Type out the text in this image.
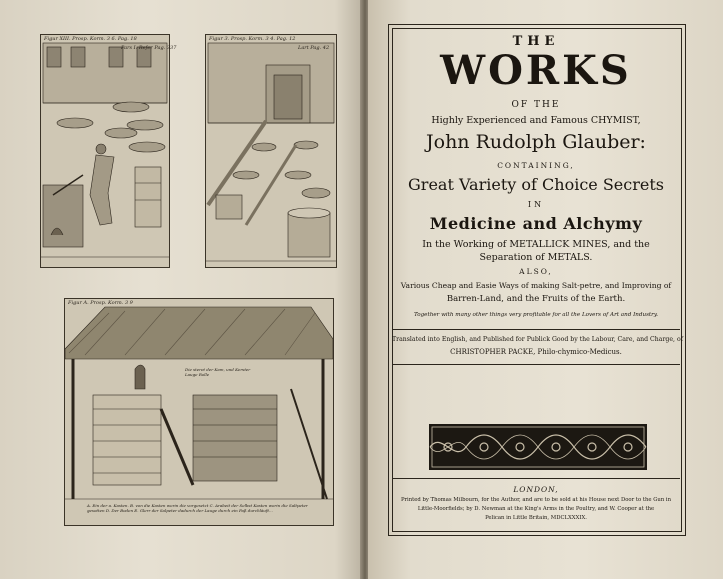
Figur XIII. Prosp. Korm. 3 6. Pag. 18
Pars I. Refer Pag. 337
Figur 3. Prosp. Korm. 3 4. Pag. 12
Lart Pag. 42
Figur A. Prosp. Korm. 3 9
Die steret der Kam, und Kerster Lauge Rolle
A. Ein der a. Kasten. B. von die Kasten worin die vorgesetzt C. Arabeit der Selbst Kasten worin die Saltpeter gesotten D. Der Boden E. Glerr der Salpeter dadurch der Lauge durch ein Faß durchläuft...
THE
WORKS
OF THE
Highly Experienced and Famous CHYMIST,
John Rudolph Glauber:
CONTAINING,
Great Variety of Choice Secrets
IN
Medicine and Alchymy
In the Working of METALLICK MINES, and the
Separation of METALS.
ALSO,
Various Cheap and Easie Ways of making Salt-petre, and Improving of
Barren-Land, and the Fruits of the Earth.
Together with many other things very profitable for all the Lovers of Art and Industry.
Translated into English, and Published for Publick Good by the Labour, Care, and Charge, of
CHRISTOPHER PACKE, Philo-chymico-Medicus.
LONDON,
Printed by Thomas Milbourn, for the Author, and are to be sold at his House next Door to the Gun in
Little-Moorfields; by D. Newman at the King's Arms in the Poultry, and W. Cooper at the
Pelican in Little Britain, MDCLXXXIX.
